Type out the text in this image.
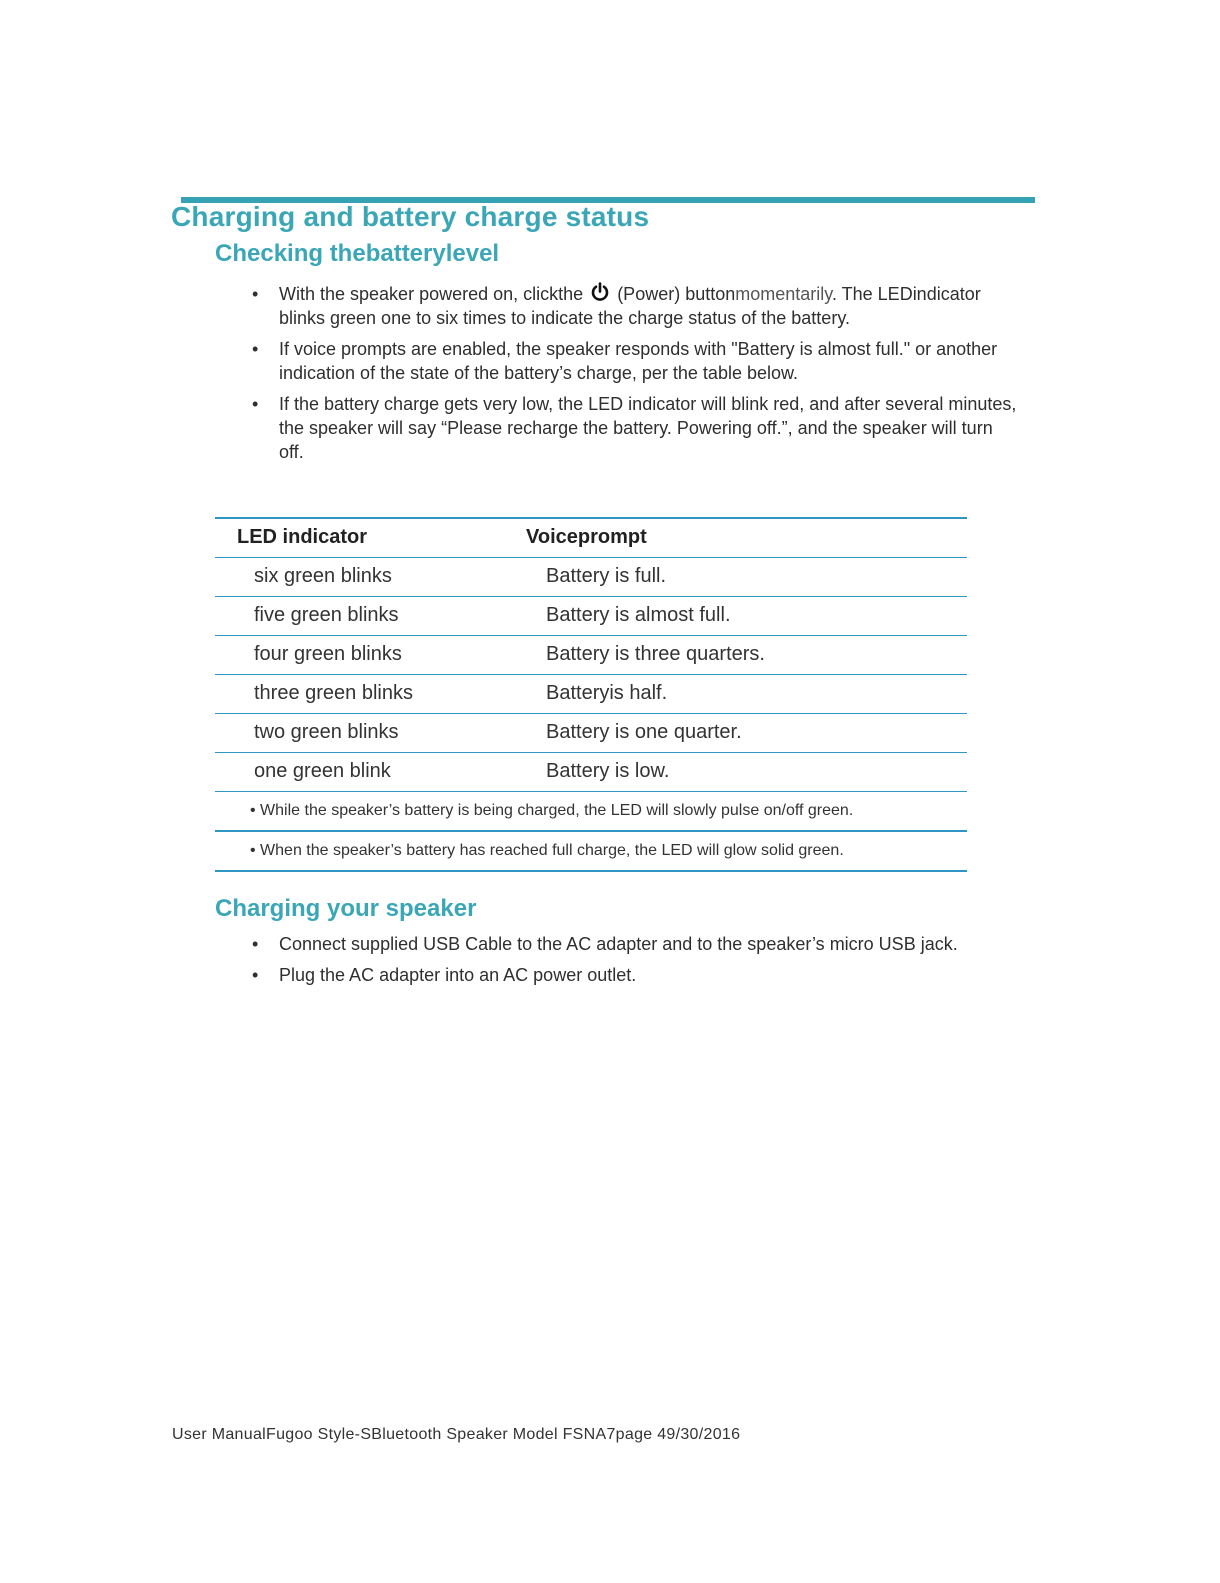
Charging and battery charge status
Checking thebatterylevel
• With the speaker powered on, clickthe (Power) buttonmomentarily. The LEDindicator blinks green one to six times to indicate the charge status of the battery.
• If voice prompts are enabled, the speaker responds with "Battery is almost full." or another indication of the state of the battery’s charge, per the table below.
• If the battery charge gets very low, the LED indicator will blink red, and after several minutes, the speaker will say “Please recharge the battery. Powering off.”, and the speaker will turn off.
LED indicator	Voiceprompt
six green blinks	Battery is full.
five green blinks	Battery is almost full.
four green blinks	Battery is three quarters.
three green blinks	Batteryis half.
two green blinks	Battery is one quarter.
one green blink	Battery is low.
• While the speaker’s battery is being charged, the LED will slowly pulse on/off green.
• When the speaker’s battery has reached full charge, the LED will glow solid green.
Charging your speaker
• Connect supplied USB Cable to the AC adapter and to the speaker’s micro USB jack.
• Plug the AC adapter into an AC power outlet.
User ManualFugoo Style-SBluetooth Speaker Model FSNA7page 49/30/2016
